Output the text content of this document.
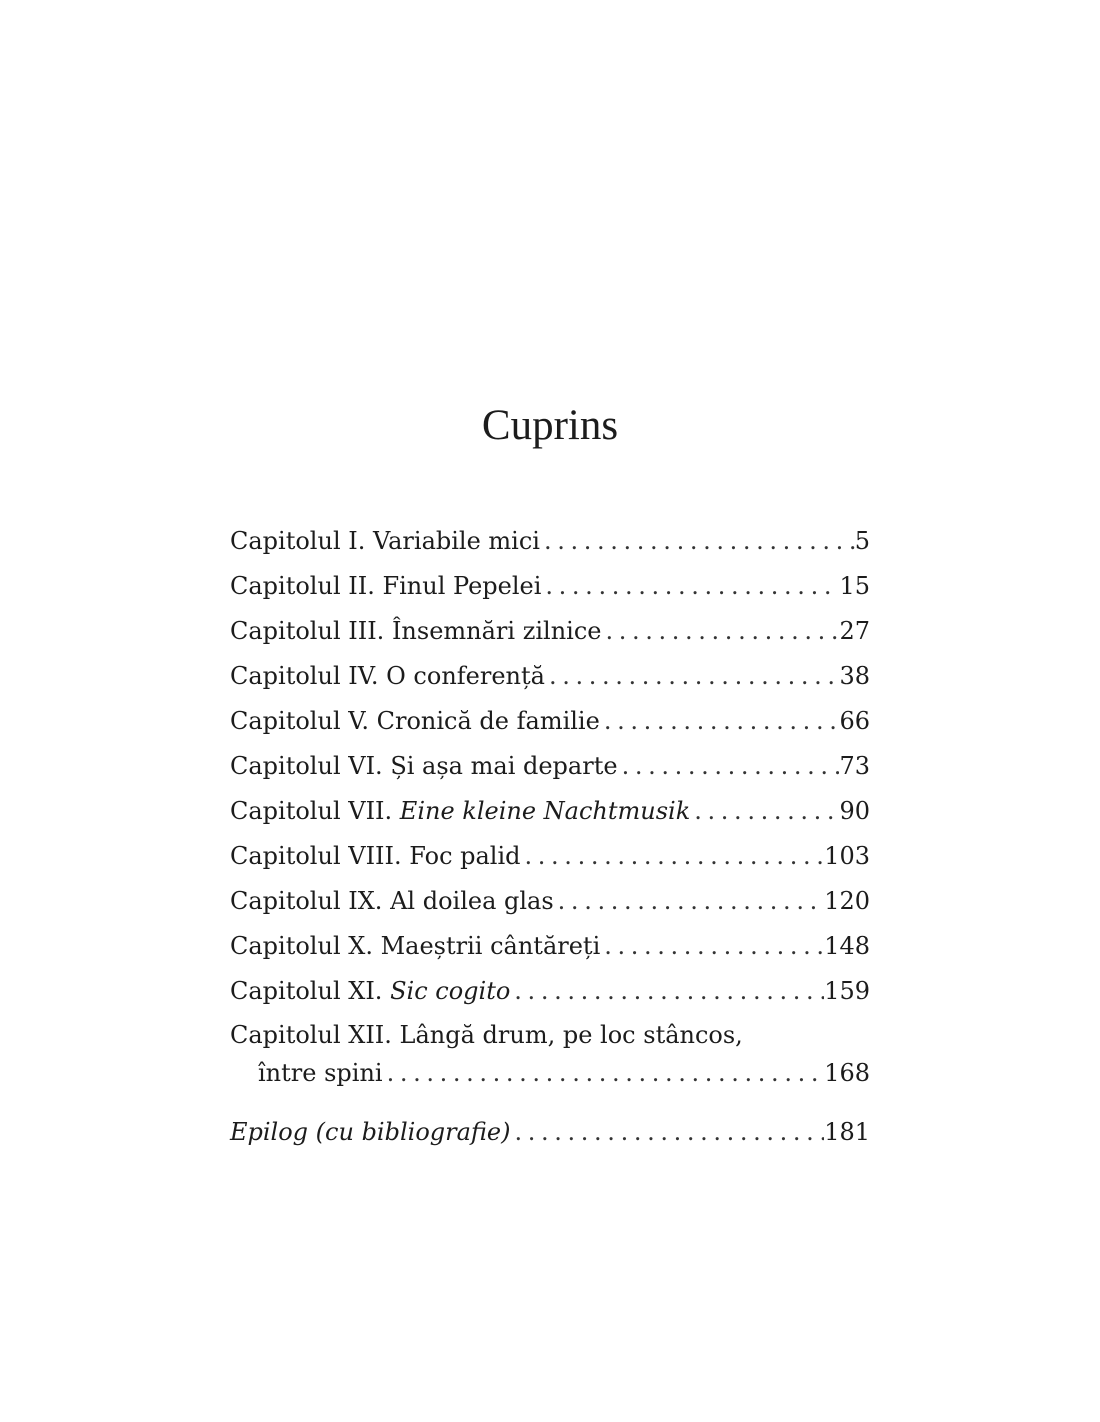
Cuprins
Capitolul I. Variabile mici . . .	5
Capitolul II. Finul Pepelei . . .	15
Capitolul III. Însemnări zilnice . . .	27
Capitolul IV. O conferență . . .	38
Capitolul V. Cronică de familie . . .	66
Capitolul VI. Și așa mai departe . . .	73
Capitolul VII. Eine kleine Nachtmusik . . .	90
Capitolul VIII. Foc palid . . .	103
Capitolul IX. Al doilea glas . . .	120
Capitolul X. Maeștrii cântăreți . . .	148
Capitolul XI. Sic cogito . . .	159
Capitolul XII. Lângă drum, pe loc stâncos,
între spini . . .	168
Epilog (cu bibliografie) . . .	181
